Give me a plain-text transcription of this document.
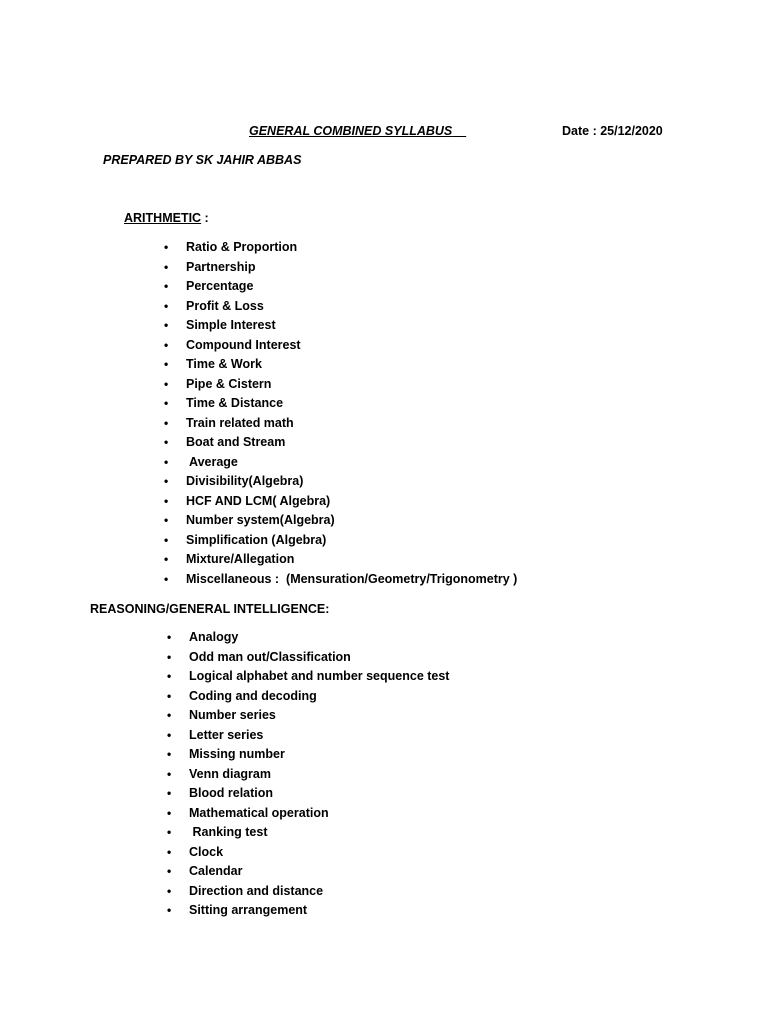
GENERAL COMBINED SYLLABUS	Date : 25/12/2020
PREPARED BY SK JAHIR ABBAS
ARITHMETIC :
• Ratio & Proportion
• Partnership
• Percentage
• Profit & Loss
• Simple Interest
• Compound Interest
• Time & Work
• Pipe & Cistern
• Time & Distance
• Train related math
• Boat and Stream
• Average
• Divisibility(Algebra)
• HCF AND LCM( Algebra)
• Number system(Algebra)
• Simplification (Algebra)
• Mixture/Allegation
• Miscellaneous :  (Mensuration/Geometry/Trigonometry )
REASONING/GENERAL INTELLIGENCE:
• Analogy
• Odd man out/Classification
• Logical alphabet and number sequence test
• Coding and decoding
• Number series
• Letter series
• Missing number
• Venn diagram
• Blood relation
• Mathematical operation
• Ranking test
• Clock
• Calendar
• Direction and distance
• Sitting arrangement
